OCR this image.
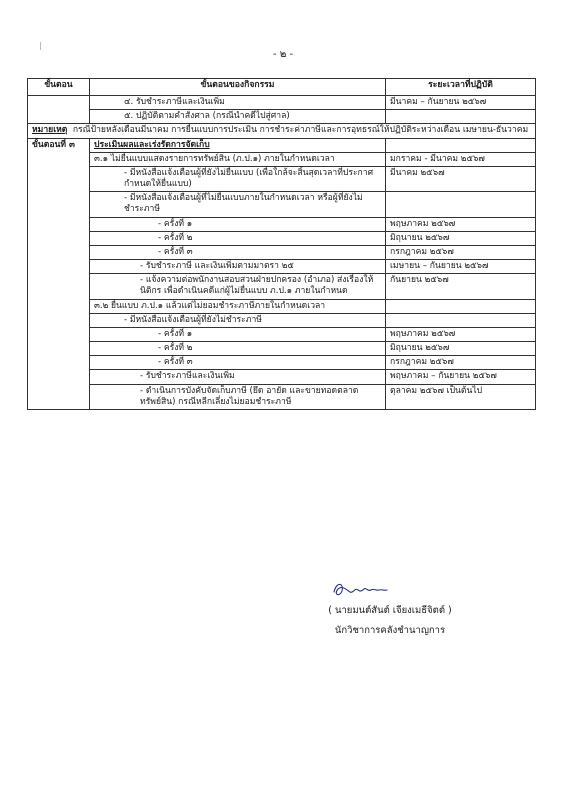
- ๒ -
ขั้นตอน	ขั้นตอนของกิจกรรม	ระยะเวลาที่ปฏิบัติ
	๔. รับชำระภาษีและเงินเพิ่ม	มีนาคม – กันยายน ๒๕๖๗
	๕. ปฏิบัติตามคำสั่งศาล (กรณีนำคดีไปสู่ศาล)	
หมายเหตุ กรณีป้ายหลังเดือนมีนาคม การยื่นแบบการประเมิน การชำระค่าภาษีและการอุทธรณ์ให้ปฏิบัติระหว่างเดือน เมษายน-ธันวาคม		
ขั้นตอนที่ ๓	ประเมินผลและเร่งรัดการจัดเก็บ	
	๓.๑ ไม่ยื่นแบบแสดงรายการทรัพย์สิน (ภ.ป.๑) ภายในกำหนดเวลา	มกราคม - มีนาคม ๒๕๖๗
	- มีหนังสือแจ้งเตือนผู้ที่ยังไม่ยื่นแบบ (เพื่อใกล้จะสิ้นสุดเวลาที่ประกาศกำหนดให้ยื่นแบบ)	มีนาคม ๒๕๖๗
	- มีหนังสือแจ้งเตือนผู้ที่ไม่ยื่นแบบภายในกำหนดเวลา หรือผู้ที่ยังไม่ชำระภาษี	
	- ครั้งที่ ๑	พฤษภาคม ๒๕๖๗
	- ครั้งที่ ๒	มิถุนายน ๒๕๖๗
	- ครั้งที่ ๓	กรกฎาคม ๒๕๖๗
	- รับชำระภาษี และเงินเพิ่มตามมาตรา ๒๕	เมษายน – กันยายน ๒๕๖๗
	- แจ้งความต่อพนักงานสอบสวนฝ่ายปกครอง (อำเภอ) ส่งเรื่องให้นิติกร เพื่อดำเนินคดีแก่ผู้ไม่ยื่นแบบ ภ.ป.๑ ภายในกำหนด	กันยายน ๒๕๖๗
	๓.๒ ยื่นแบบ ภ.ป.๑ แล้วแต่ไม่ยอมชำระภาษีภายในกำหนดเวลา	
	- มีหนังสือแจ้งเตือนผู้ที่ยังไม่ชำระภาษี	
	- ครั้งที่ ๑	พฤษภาคม ๒๕๖๗
	- ครั้งที่ ๒	มิถุนายน ๒๕๖๗
	- ครั้งที่ ๓	กรกฎาคม ๒๕๖๗
	- รับชำระภาษีและเงินเพิ่ม	พฤษภาคม – กันยายน ๒๕๖๗
	- ดำเนินการบังคับจัดเก็บภาษี (ยึด อายัด และขายทอดตลาดทรัพย์สิน) กรณีหลีกเลี่ยงไม่ยอมชำระภาษี	ตุลาคม ๒๕๖๗ เป็นต้นไป
( นายมนต์สันต์ เจียงเมธีจิตต์ )
นักวิชาการคลังชำนาญการ
